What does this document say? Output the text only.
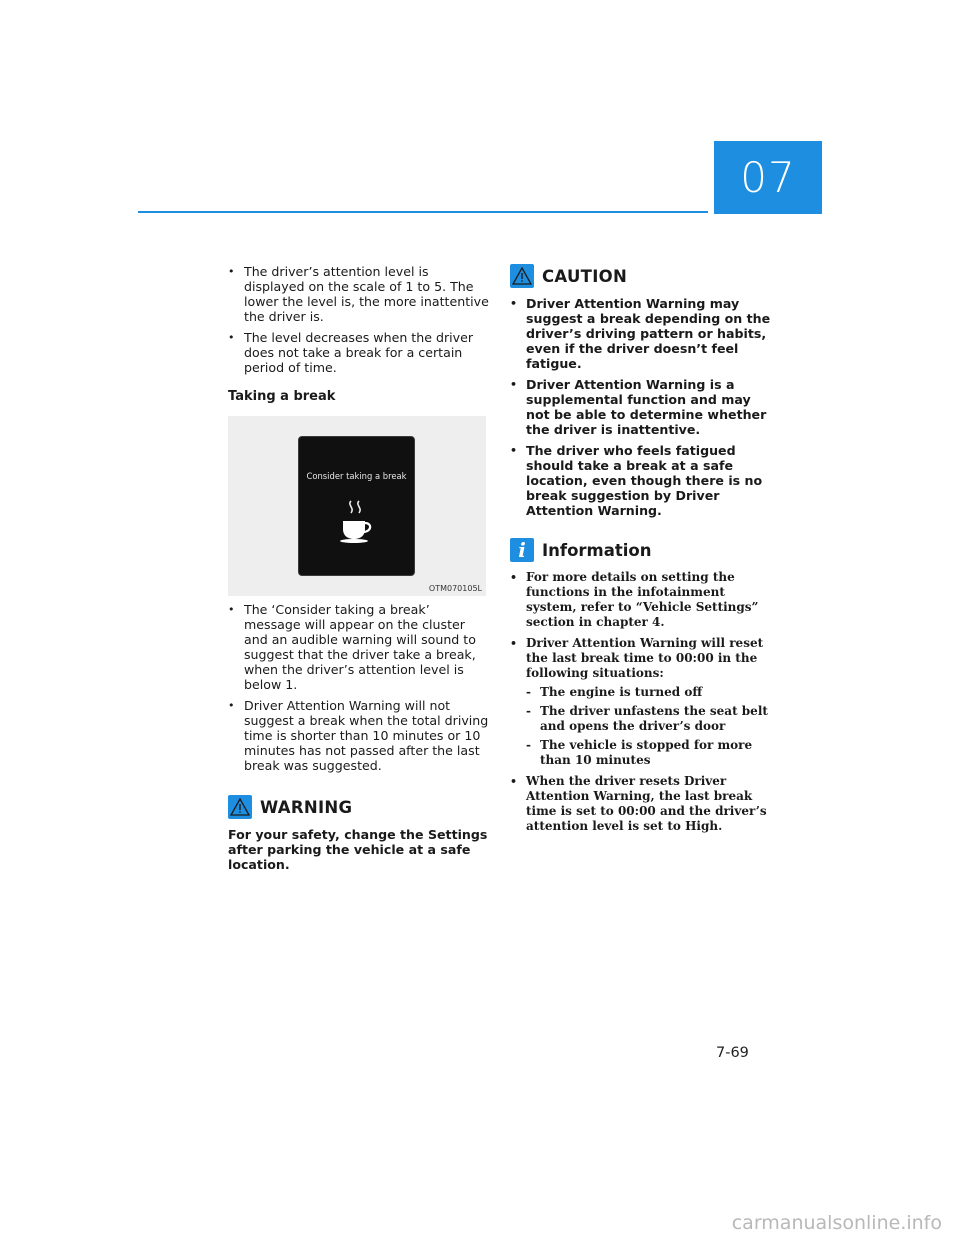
07
• The driver’s attention level is displayed on the scale of 1 to 5. The lower the level is, the more inattentive the driver is.
• The level decreases when the driver does not take a break for a certain period of time.
Taking a break
Consider taking a break
OTM070105L
• The ‘Consider taking a break’ message will appear on the cluster and an audible warning will sound to suggest that the driver take a break, when the driver’s attention level is below 1.
• Driver Attention Warning will not suggest a break when the total driving time is shorter than 10 minutes or 10 minutes has not passed after the last break was suggested.
WARNING

For your safety, change the Settings after parking the vehicle at a safe location.

CAUTION
• Driver Attention Warning may suggest a break depending on the driver’s driving pattern or habits, even if the driver doesn’t feel fatigue.
• Driver Attention Warning is a supplemental function and may not be able to determine whether the driver is inattentive.
• The driver who feels fatigued should take a break at a safe location, even though there is no break suggestion by Driver Attention Warning.
i Information
• For more details on setting the functions in the infotainment system, refer to “Vehicle Settings” section in chapter 4.
• Driver Attention Warning will reset the last break time to 00:00 in the following situations:
- The engine is turned off
- The driver unfastens the seat belt and opens the driver’s door
- The vehicle is stopped for more than 10 minutes
• When the driver resets Driver Attention Warning, the last break time is set to 00:00 and the driver’s attention level is set to High.
7-69
carmanualsonline.info
